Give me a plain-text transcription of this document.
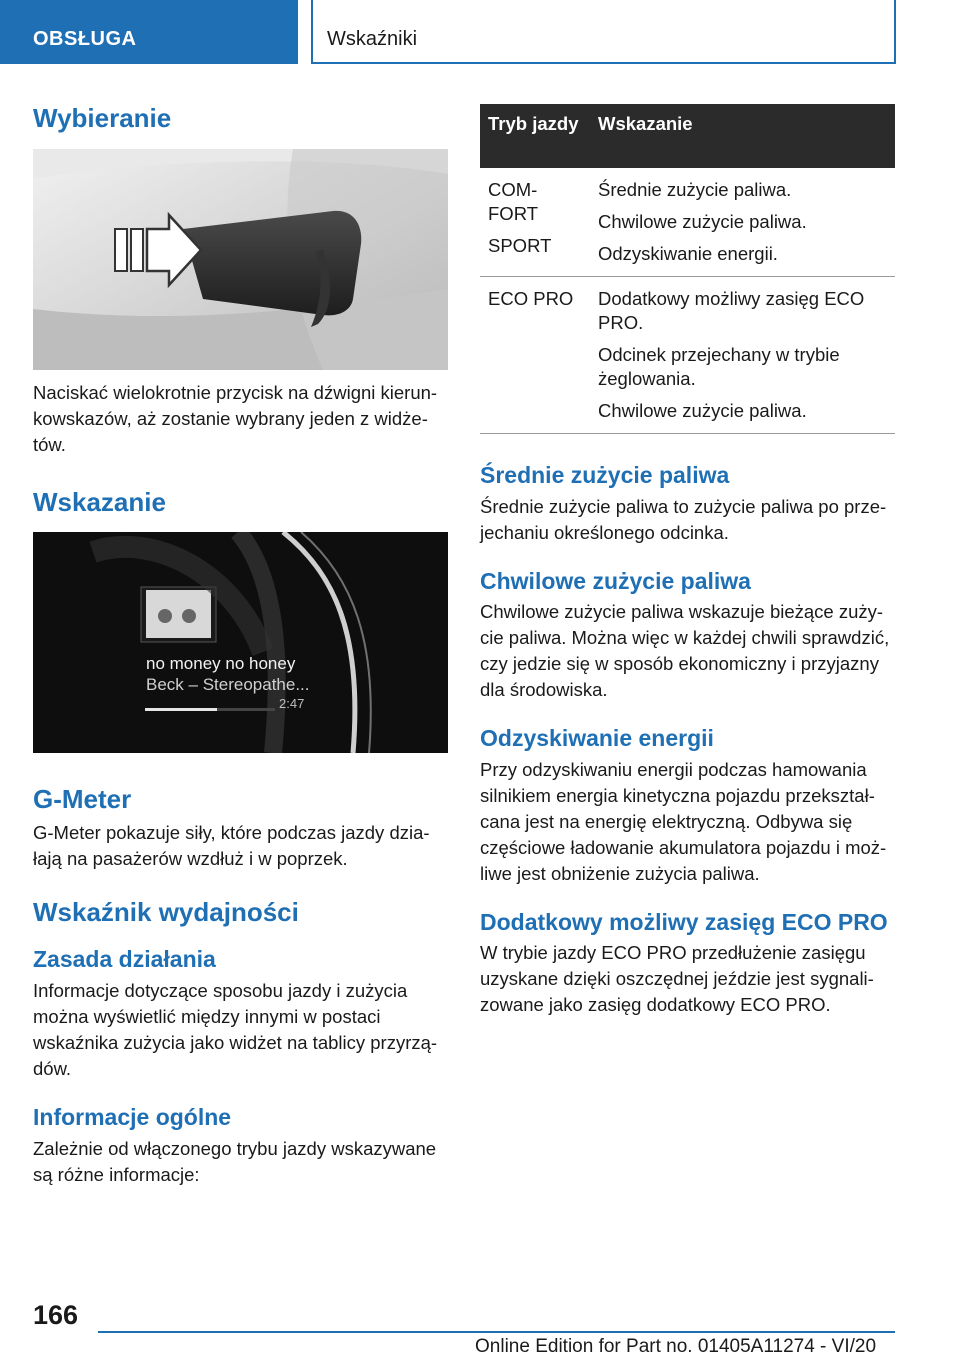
OBSŁUGA	Wskaźniki
Wybieranie

Naciskać wielokrotnie przycisk na dźwigni kierun-kowskazów, aż zostanie wybrany jeden z widże-tów.

Wskazanie
no money no honey
Beck – Stereopathe...
2:47
G-Meter

G-Meter pokazuje siły, które podczas jazdy dzia-łają na pasażerów wzdłuż i w poprzek.

Wskaźnik wydajności
Zasada działania

Informacje dotyczące sposobu jazdy i zużycia można wyświetlić między innymi w postaci wskaźnika zużycia jako widżet na tablicy przyrzą-dów.

Informacje ogólne

Zależnie od włączonego trybu jazdy wskazywane są różne informacje:

Tryb jazdy	Wskazanie

COM-FORT
SPORT	Średnie zużycie paliwa.
Chwilowe zużycie paliwa.
Odzyskiwanie energii.

ECO PRO	Dodatkowy możliwy zasięg ECO PRO.
Odcinek przejechany w trybie żeglowania.
Chwilowe zużycie paliwa.
Średnie zużycie paliwa

Średnie zużycie paliwa to zużycie paliwa po prze-jechaniu określonego odcinka.

Chwilowe zużycie paliwa

Chwilowe zużycie paliwa wskazuje bieżące zuży-cie paliwa. Można więc w każdej chwili sprawdzić, czy jedzie się w sposób ekonomiczny i przyjazny dla środowiska.

Odzyskiwanie energii

Przy odzyskiwaniu energii podczas hamowania silnikiem energia kinetyczna pojazdu przekształ-cana jest na energię elektryczną. Odbywa się częściowe ładowanie akumulatora pojazdu i moż-liwe jest obniżenie zużycia paliwa.

Dodatkowy możliwy zasięg ECO PRO

W trybie jazdy ECO PRO przedłużenie zasięgu uzyskane dzięki oszczędnej jeździe jest sygnali-zowane jako zasięg dodatkowy ECO PRO.

166
Online Edition for Part no. 01405A11274 - VI/20
